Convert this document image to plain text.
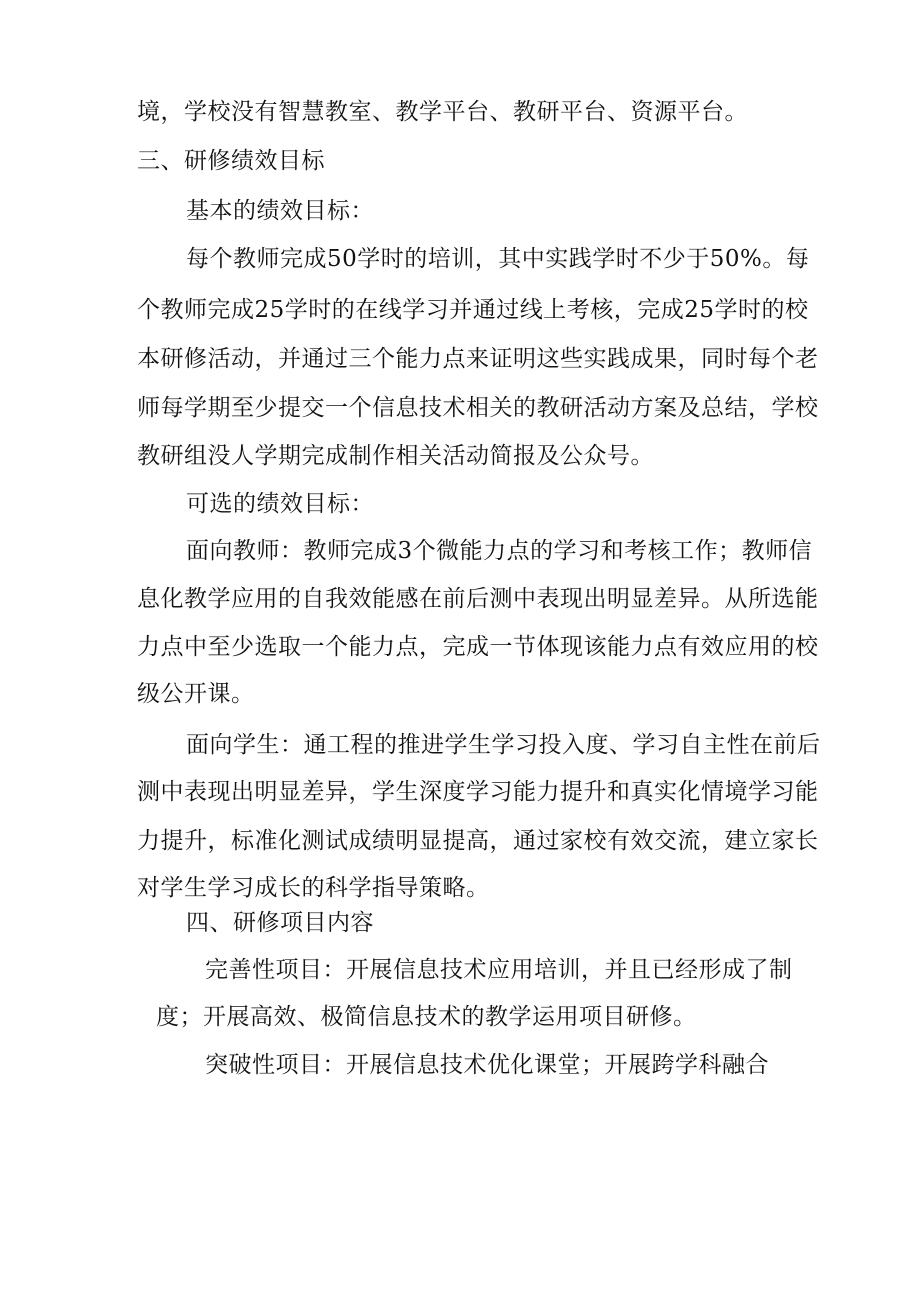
境，学校没有智慧教室、教学平台、教研平台、资源平台。
三、研修绩效目标
基本的绩效目标：
每个教师完成50学时的培训，其中实践学时不少于50%。每
个教师完成25学时的在线学习并通过线上考核，完成25学时的校
本研修活动，并通过三个能力点来证明这些实践成果，同时每个老
师每学期至少提交一个信息技术相关的教研活动方案及总结，学校
教研组没人学期完成制作相关活动简报及公众号。
可选的绩效目标：
面向教师：教师完成3个微能力点的学习和考核工作；教师信
息化教学应用的自我效能感在前后测中表现出明显差异。从所选能
力点中至少选取一个能力点，完成一节体现该能力点有效应用的校
级公开课。
面向学生：通工程的推进学生学习投入度、学习自主性在前后
测中表现出明显差异，学生深度学习能力提升和真实化情境学习能
力提升，标准化测试成绩明显提高，通过家校有效交流，建立家长
对学生学习成长的科学指导策略。
四、研修项目内容
完善性项目：开展信息技术应用培训，并且已经形成了制
度；开展高效、极简信息技术的教学运用项目研修。
突破性项目：开展信息技术优化课堂；开展跨学科融合
